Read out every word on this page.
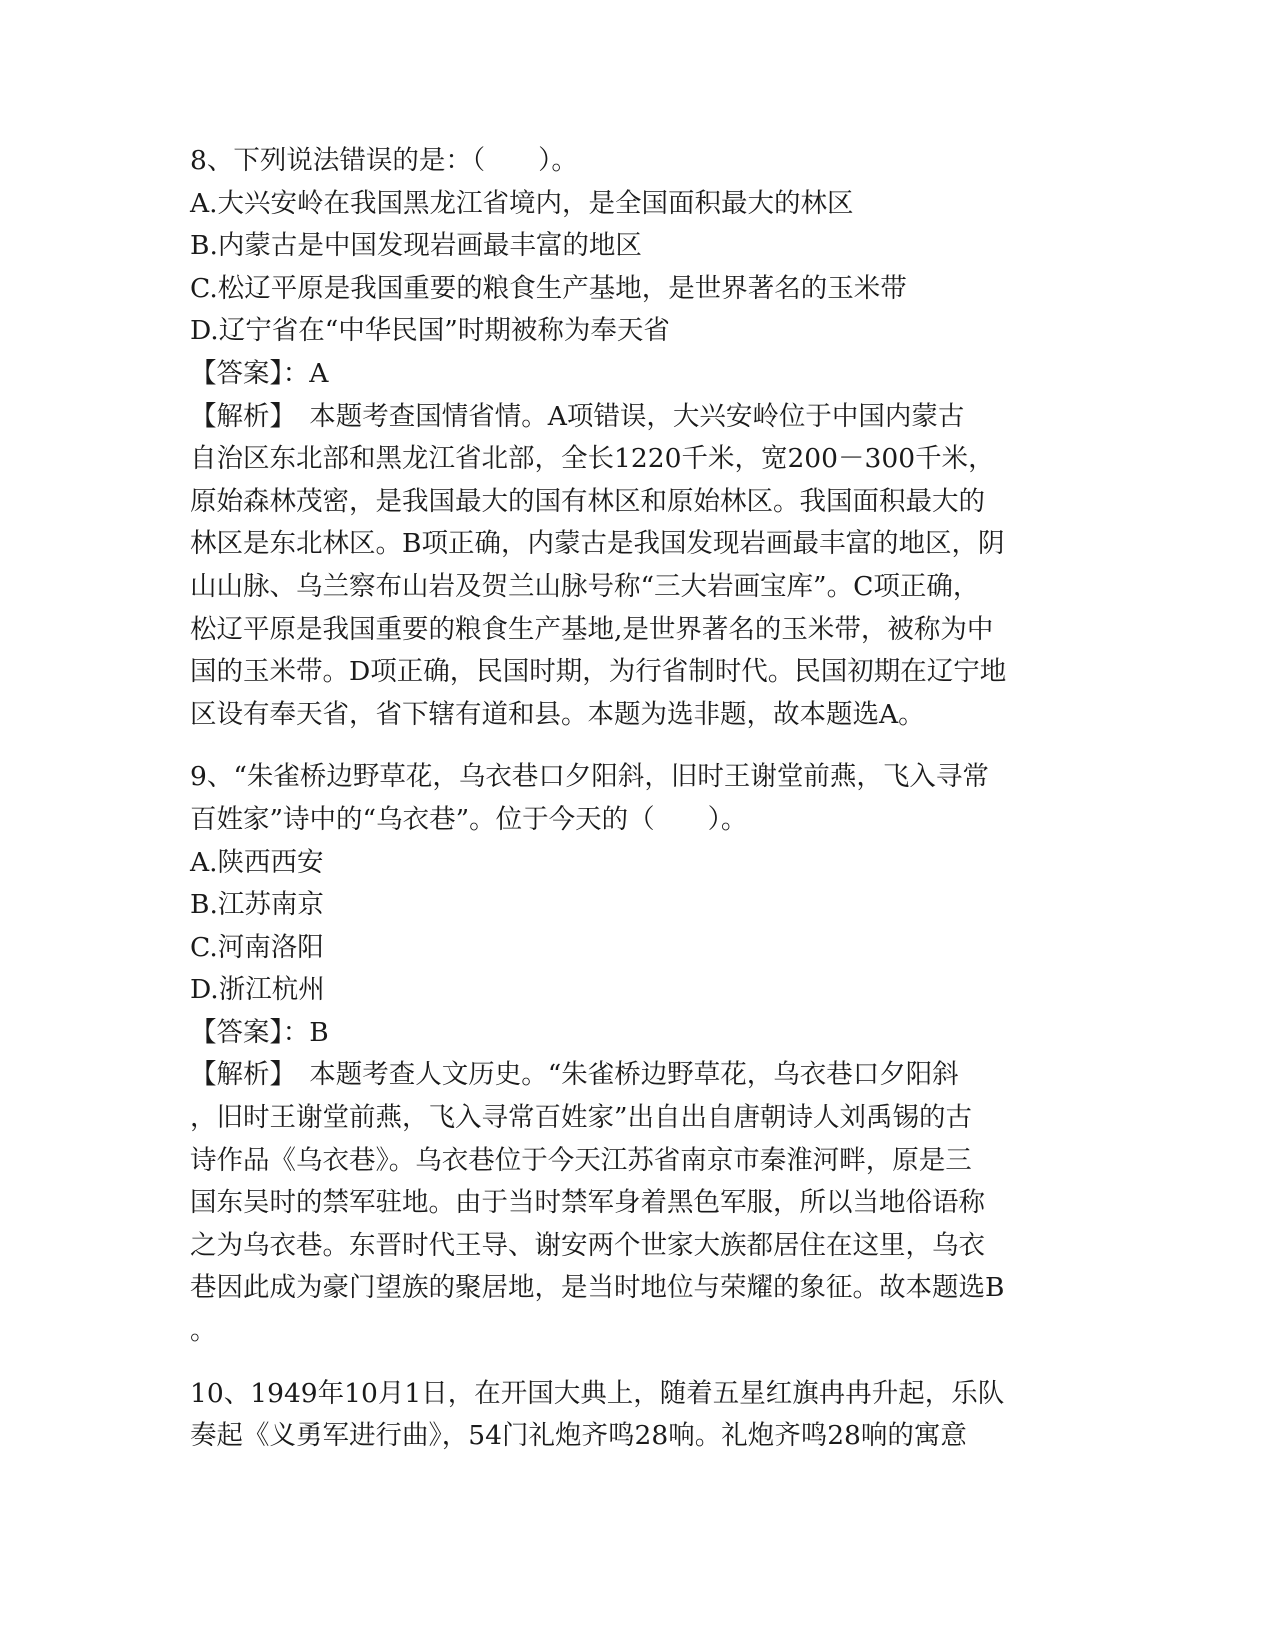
8、下列说法错误的是：（　　）。
A.大兴安岭在我国黑龙江省境内，是全国面积最大的林区
B.内蒙古是中国发现岩画最丰富的地区
C.松辽平原是我国重要的粮食生产基地，是世界著名的玉米带
D.辽宁省在“中华民国”时期被称为奉天省
【答案】：A
【解析】　本题考查国情省情。A项错误，大兴安岭位于中国内蒙古
自治区东北部和黑龙江省北部，全长1220千米，宽200－300千米，
原始森林茂密，是我国最大的国有林区和原始林区。我国面积最大的
林区是东北林区。B项正确，内蒙古是我国发现岩画最丰富的地区，阴
山山脉、乌兰察布山岩及贺兰山脉号称“三大岩画宝库”。C项正确，
松辽平原是我国重要的粮食生产基地,是世界著名的玉米带，被称为中
国的玉米带。D项正确，民国时期，为行省制时代。民国初期在辽宁地
区设有奉天省，省下辖有道和县。本题为选非题，故本题选A。
9、“朱雀桥边野草花，乌衣巷口夕阳斜，旧时王谢堂前燕，飞入寻常
百姓家”诗中的“乌衣巷”。位于今天的（　　）。
A.陕西西安
B.江苏南京
C.河南洛阳
D.浙江杭州
【答案】：B
【解析】　本题考查人文历史。“朱雀桥边野草花，乌衣巷口夕阳斜
，旧时王谢堂前燕，飞入寻常百姓家”出自出自唐朝诗人刘禹锡的古
诗作品《乌衣巷》。乌衣巷位于今天江苏省南京市秦淮河畔，原是三
国东吴时的禁军驻地。由于当时禁军身着黑色军服，所以当地俗语称
之为乌衣巷。东晋时代王导、谢安两个世家大族都居住在这里，乌衣
巷因此成为豪门望族的聚居地，是当时地位与荣耀的象征。故本题选B
。
10、1949年10月1日，在开国大典上，随着五星红旗冉冉升起，乐队
奏起《义勇军进行曲》，54门礼炮齐鸣28响。礼炮齐鸣28响的寓意
